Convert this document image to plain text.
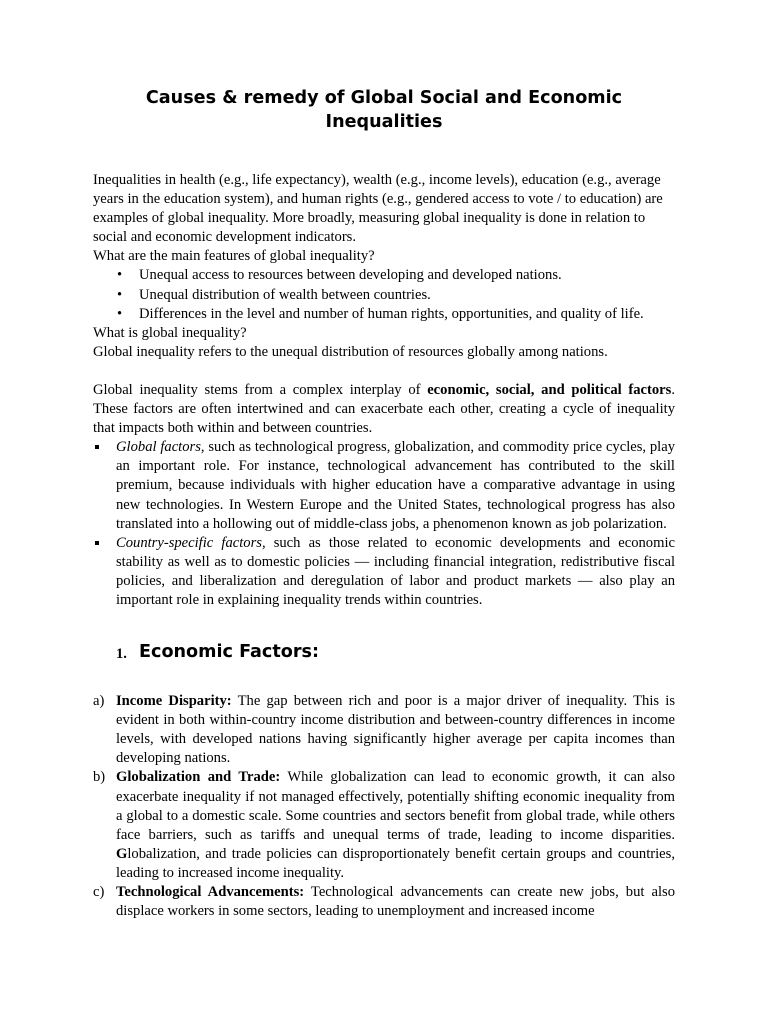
Causes & remedy of Global Social and Economic Inequalities

Inequalities in health (e.g., life expectancy), wealth (e.g., income levels), education (e.g., average years in the education system), and human rights (e.g., gendered access to vote / to education) are examples of global inequality. More broadly, measuring global inequality is done in relation to social and economic development indicators.

What are the main features of global inequality?

• Unequal access to resources between developing and developed nations.
• Unequal distribution of wealth between countries.
• Differences in the level and number of human rights, opportunities, and quality of life.

What is global inequality?

Global inequality refers to the unequal distribution of resources globally among nations.

Global inequality stems from a complex interplay of economic, social, and political factors. These factors are often intertwined and can exacerbate each other, creating a cycle of inequality that impacts both within and between countries.

Global factors, such as technological progress, globalization, and commodity price cycles, play an important role. For instance, technological advancement has contributed to the skill premium, because individuals with higher education have a comparative advantage in using new technologies. In Western Europe and the United States, technological progress has also translated into a hollowing out of middle-class jobs, a phenomenon known as job polarization.
Country-specific factors, such as those related to economic developments and economic stability as well as to domestic policies — including financial integration, redistributive fiscal policies, and liberalization and deregulation of labor and product markets — also play an important role in explaining inequality trends within countries.
1. Economic Factors:
a) Income Disparity: The gap between rich and poor is a major driver of inequality. This is evident in both within-country income distribution and between-country differences in income levels, with developed nations having significantly higher average per capita incomes than developing nations.
b) Globalization and Trade: While globalization can lead to economic growth, it can also exacerbate inequality if not managed effectively, potentially shifting economic inequality from a global to a domestic scale. Some countries and sectors benefit from global trade, while others face barriers, such as tariffs and unequal terms of trade, leading to income disparities. Globalization, and trade policies can disproportionately benefit certain groups and countries, leading to increased income inequality.
c) Technological Advancements: Technological advancements can create new jobs, but also displace workers in some sectors, leading to unemployment and increased income
